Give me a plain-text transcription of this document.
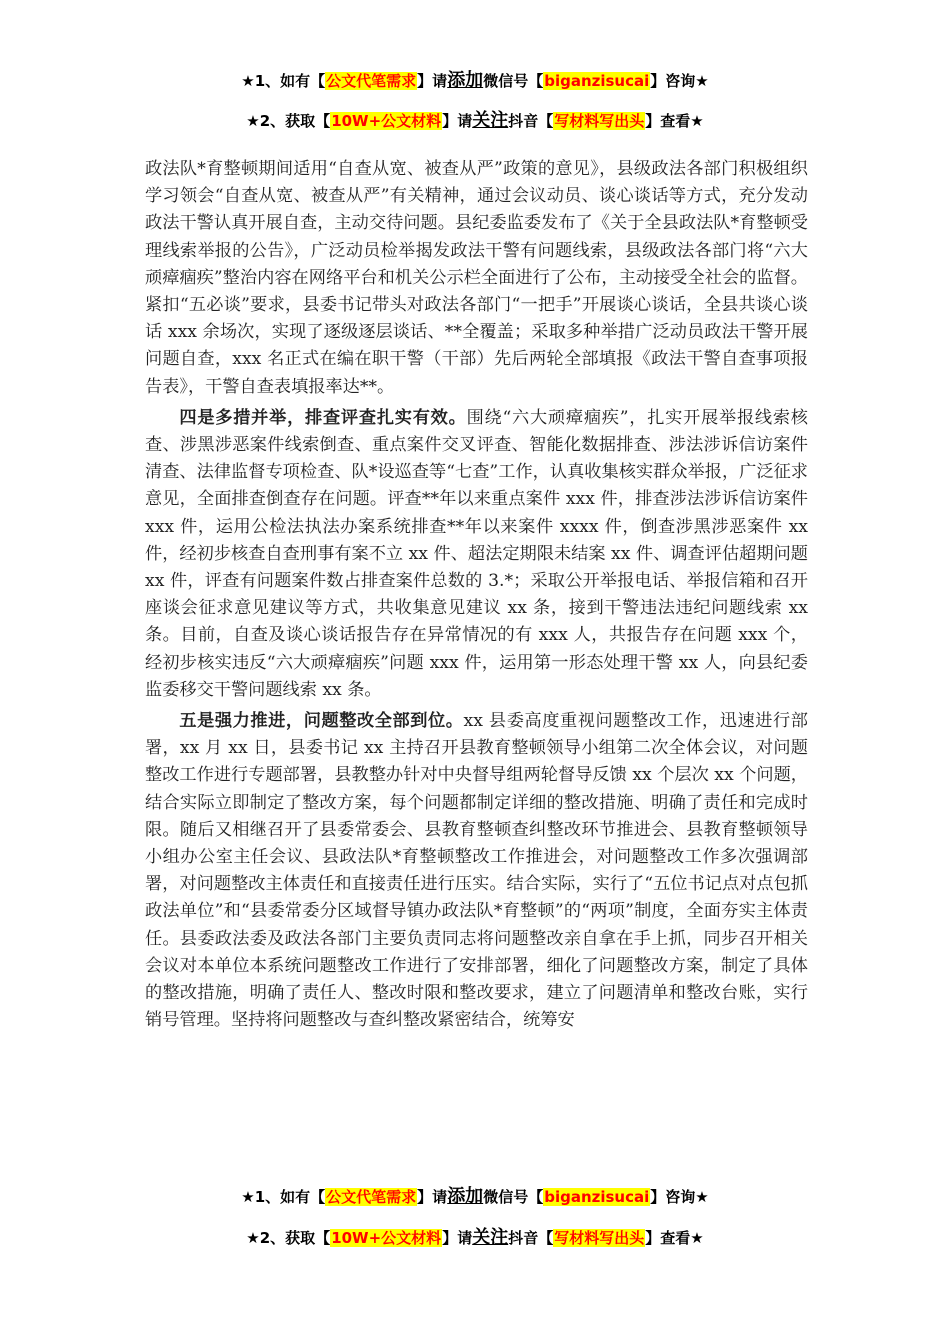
★1、如有【公文代笔需求】请添加微信号【biganzisucai】咨询★
★2、获取【10W+公文材料】请关注抖音【写材料写出头】查看★

政法队*育整顿期间适用“自查从宽、被查从严”政策的意见》，县级政法各部门积极组织学习领会“自查从宽、被查从严”有关精神，通过会议动员、谈心谈话等方式，充分发动政法干警认真开展自查，主动交待问题。县纪委监委发布了《关于全县政法队*育整顿受理线索举报的公告》，广泛动员检举揭发政法干警有问题线索，县级政法各部门将“六大顽瘴痼疾”整治内容在网络平台和机关公示栏全面进行了公布，主动接受全社会的监督。紧扣“五必谈”要求，县委书记带头对政法各部门“一把手”开展谈心谈话，全县共谈心谈话 xxx 余场次，实现了逐级逐层谈话、**全覆盖；采取多种举措广泛动员政法干警开展问题自查，xxx 名正式在编在职干警（干部）先后两轮全部填报《政法干警自查事项报告表》，干警自查表填报率达**。

四是多措并举，排查评查扎实有效。围绕“六大顽瘴痼疾”，扎实开展举报线索核查、涉黑涉恶案件线索倒查、重点案件交叉评查、智能化数据排查、涉法涉诉信访案件清查、法律监督专项检查、队*设巡查等“七查”工作，认真收集核实群众举报，广泛征求意见，全面排查倒查存在问题。评查**年以来重点案件 xxx 件，排查涉法涉诉信访案件 xxx 件，运用公检法执法办案系统排查**年以来案件 xxxx 件，倒查涉黑涉恶案件 xx 件，经初步核查自查刑事有案不立 xx 件、超法定期限未结案 xx 件、调查评估超期问题 xx 件，评查有问题案件数占排查案件总数的 3.*；采取公开举报电话、举报信箱和召开座谈会征求意见建议等方式，共收集意见建议 xx 条，接到干警违法违纪问题线索 xx 条。目前，自查及谈心谈话报告存在异常情况的有 xxx 人，共报告存在问题 xxx 个，经初步核实违反“六大顽瘴痼疾”问题 xxx 件，运用第一形态处理干警 xx 人，向县纪委监委移交干警问题线索 xx 条。

五是强力推进，问题整改全部到位。xx 县委高度重视问题整改工作，迅速进行部署，xx 月 xx 日，县委书记 xx 主持召开县教育整顿领导小组第二次全体会议，对问题整改工作进行专题部署，县教整办针对中央督导组两轮督导反馈 xx 个层次 xx 个问题，结合实际立即制定了整改方案，每个问题都制定详细的整改措施、明确了责任和完成时限。随后又相继召开了县委常委会、县教育整顿查纠整改环节推进会、县教育整顿领导小组办公室主任会议、县政法队*育整顿整改工作推进会，对问题整改工作多次强调部署，对问题整改主体责任和直接责任进行压实。结合实际，实行了“五位书记点对点包抓政法单位”和“县委常委分区域督导镇办政法队*育整顿”的“两项”制度，全面夯实主体责任。县委政法委及政法各部门主要负责同志将问题整改亲自拿在手上抓，同步召开相关会议对本单位本系统问题整改工作进行了安排部署，细化了问题整改方案，制定了具体的整改措施，明确了责任人、整改时限和整改要求，建立了问题清单和整改台账，实行销号管理。坚持将问题整改与查纠整改紧密结合，统筹安

★1、如有【公文代笔需求】请添加微信号【biganzisucai】咨询★
★2、获取【10W+公文材料】请关注抖音【写材料写出头】查看★
